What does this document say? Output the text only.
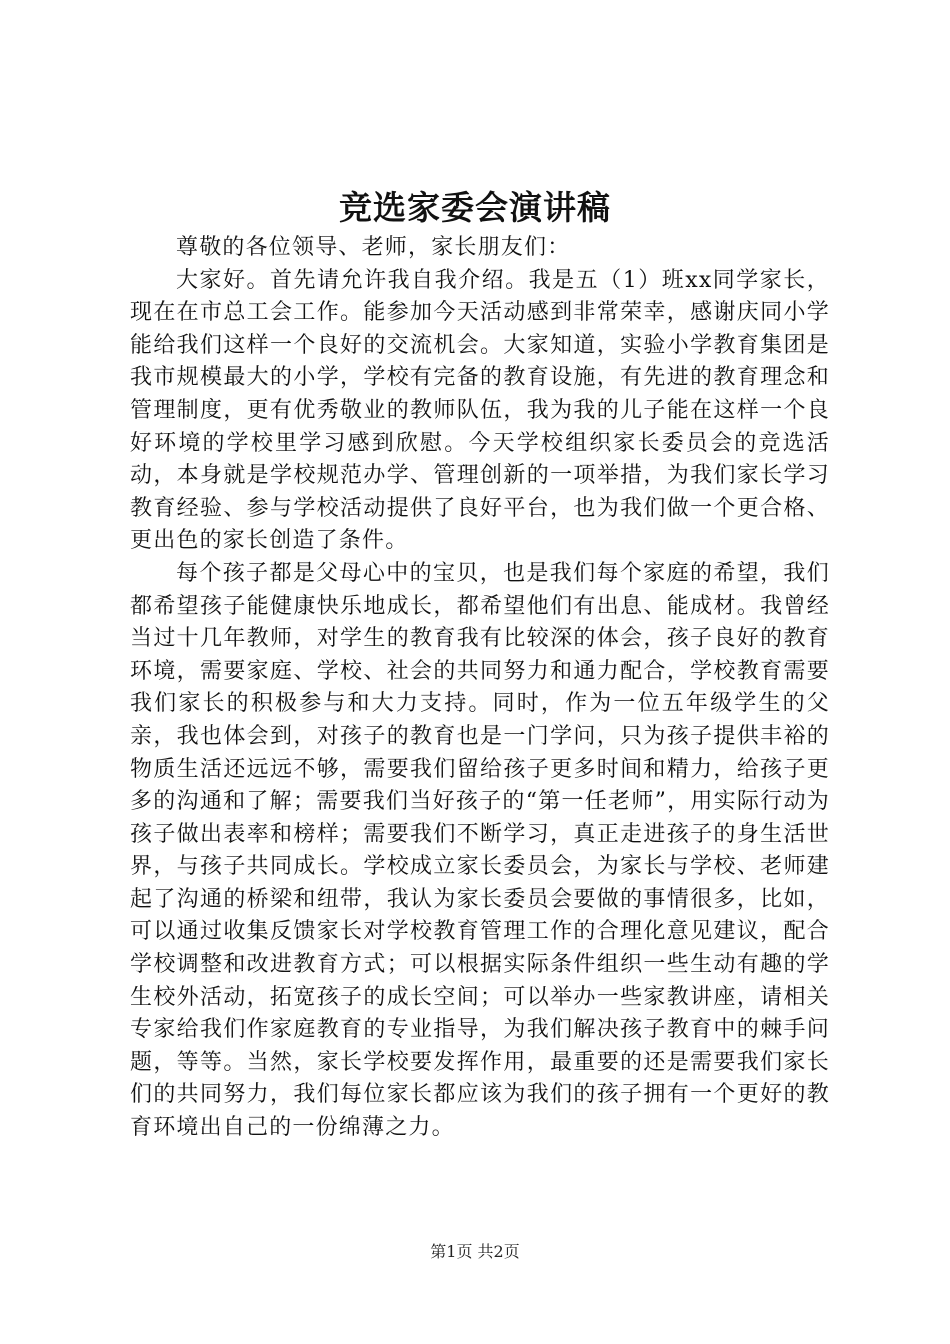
竞选家委会演讲稿

尊敬的各位领导、老师，家长朋友们：

大家好。首先请允许我自我介绍。我是五（1）班xx同学家长，现在在市总工会工作。能参加今天活动感到非常荣幸，感谢庆同小学能给我们这样一个良好的交流机会。大家知道，实验小学教育集团是我市规模最大的小学，学校有完备的教育设施，有先进的教育理念和管理制度，更有优秀敬业的教师队伍，我为我的儿子能在这样一个良好环境的学校里学习感到欣慰。今天学校组织家长委员会的竞选活动，本身就是学校规范办学、管理创新的一项举措，为我们家长学习教育经验、参与学校活动提供了良好平台，也为我们做一个更合格、更出色的家长创造了条件。

每个孩子都是父母心中的宝贝，也是我们每个家庭的希望，我们都希望孩子能健康快乐地成长，都希望他们有出息、能成材。我曾经当过十几年教师，对学生的教育我有比较深的体会，孩子良好的教育环境，需要家庭、学校、社会的共同努力和通力配合，学校教育需要我们家长的积极参与和大力支持。同时，作为一位五年级学生的父亲，我也体会到，对孩子的教育也是一门学问，只为孩子提供丰裕的物质生活还远远不够，需要我们留给孩子更多时间和精力，给孩子更多的沟通和了解；需要我们当好孩子的“第一任老师”，用实际行动为孩子做出表率和榜样；需要我们不断学习，真正走进孩子的身生活世界，与孩子共同成长。学校成立家长委员会，为家长与学校、老师建起了沟通的桥梁和纽带，我认为家长委员会要做的事情很多，比如，可以通过收集反馈家长对学校教育管理工作的合理化意见建议，配合学校调整和改进教育方式；可以根据实际条件组织一些生动有趣的学生校外活动，拓宽孩子的成长空间；可以举办一些家教讲座，请相关专家给我们作家庭教育的专业指导，为我们解决孩子教育中的棘手问题，等等。当然，家长学校要发挥作用，最重要的还是需要我们家长们的共同努力，我们每位家长都应该为我们的孩子拥有一个更好的教育环境出自己的一份绵薄之力。

第1页 共2页
